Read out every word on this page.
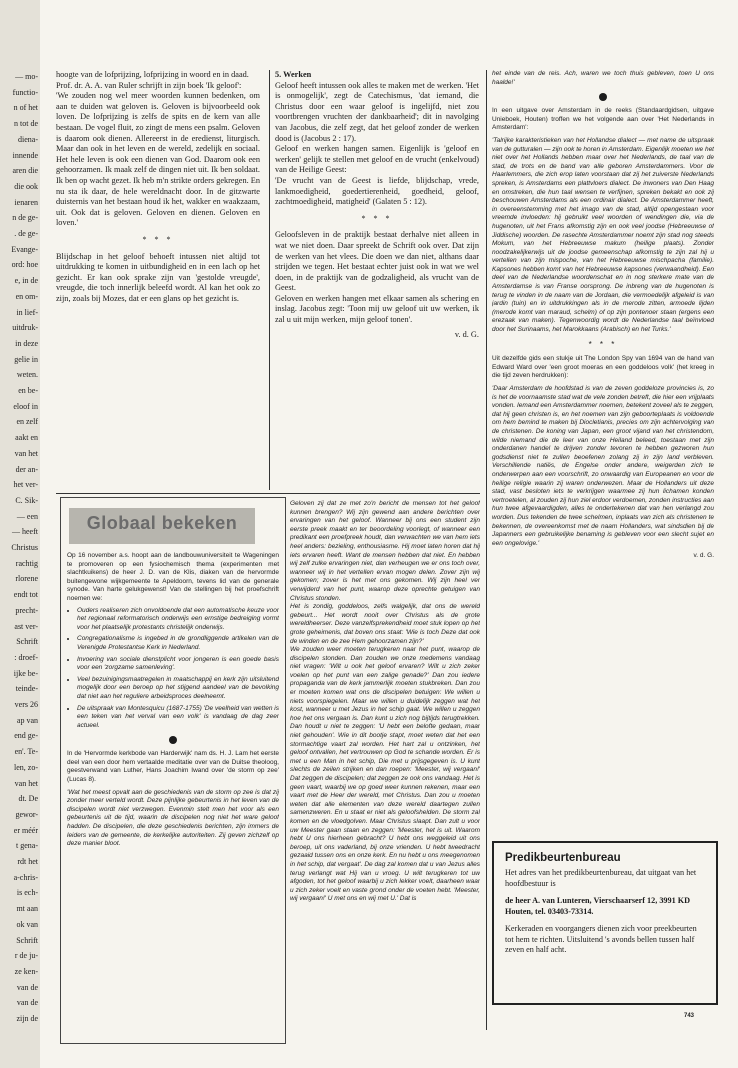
— mo-
functio-
n of het
n tot de
diena-
innende
aren die
die ook
ienaren
n de ge-
. de ge-
Evange-
ord: hoe
e, in de
en om-
in lief-
uitdruk-
in deze
gelie in
weten.
en be-
eloof in
en zelf
aakt en
van het
der an-
het ver-
C. Sik-
— een
— heeft
Christus
rachtig
rlorene
endt tot
precht-
ast ver-
Schrift
: droef-
ijke be-
teinde-
vers 26
ap van
end ge-
en'. Te-
len, zo-
van het
dt. De
gewor-
er méér
t gena-
rdt het
a-chris-
is ech-
mt aan
ok van
Schrift
r de ju-
ze ken-
van de
van de
zijn de

hoogte van de lofprijzing, lofprijzing in woord en in daad.

Prof. dr. A. A. van Ruler schrijft in zijn boek 'Ik geloof':

'We zouden nog wel meer woorden kunnen bedenken, om aan te duiden wat geloven is. Geloven is bijvoorbeeld ook loven. De lofprijzing is zelfs de spits en de kern van alle bestaan. De vogel fluit, zo zingt de mens een psalm. Geloven is daarom ook dienen. Allereerst in de eredienst, liturgisch. Maar dan ook in het leven en de wereld, zedelijk en sociaal. Het hele leven is ook een dienen van God. Daarom ook een gehoorzamen. Ik maak zelf de dingen niet uit. Ik ben soldaat. Ik ben op wacht gezet. Ik heb m'n strikte orders gekregen. En nu sta ik daar, de hele wereldnacht door. In de gitzwarte duisternis van het bestaan houd ik het, wakker en waakzaam, uit. Ook dat is geloven. Geloven en dienen. Geloven en loven.'

* * *

Blijdschap in het geloof behoeft intussen niet altijd tot uitdrukking te komen in uitbundigheid en in een lach op het gezicht. Er kan ook sprake zijn van 'gestolde vreugde', vreugde, die toch innerlijk beleefd wordt. Al kan het ook zo zijn, zoals bij Mozes, dat er een glans op het gezicht is.

5. Werken

Geloof heeft intussen ook alles te maken met de werken. 'Het is onmogelijk', zegt de Catechismus, 'dat iemand, die Christus door een waar geloof is ingelijfd, niet zou voortbrengen vruchten der dankbaarheid'; dit in navolging van Jacobus, die zelf zegt, dat het geloof zonder de werken dood is (Jacobus 2 : 17).

Geloof en werken hangen samen. Eigenlijk is 'geloof en werken' gelijk te stellen met geloof en de vrucht (enkelvoud) van de Heilige Geest:

'De vrucht van de Geest is liefde, blijdschap, vrede, lankmoedigheid, goedertierenheid, goedheid, geloof, zachtmoedigheid, matigheid' (Galaten 5 : 12).

* * *

Geloofsleven in de praktijk bestaat derhalve niet alleen in wat we niet doen. Daar spreekt de Schrift ook over. Dat zijn de werken van het vlees. Die doen we dan niet, althans daar strijden we tegen. Het bestaat echter juist ook in wat we wel doen, in de praktijk van de godzaligheid, als vrucht van de Geest.

Geloven en werken hangen met elkaar samen als schering en inslag. Jacobus zegt: 'Toon mij uw geloof uit uw werken, ik zal u uit mijn werken, mijn geloof tonen'.

v. d. G.

het einde van de reis. Ach, waren we toch thuis gebleven, toen U ons haalde!'

In een uitgave over Amsterdam in de reeks (Standaardgidsen, uitgave Unieboek, Houten) troffen we het volgende aan over 'Het Nederlands in Amsterdam':

'Talrijke karakteristieken van het Hollandse dialect — met name de uitspraak van de gutturalen — zijn ook te horen in Amsterdam. Eigenlijk moeten we het niet over het Hollands hebben maar over het Nederlands, de taal van de stad, de trots en de band van alle geboren Amsterdammers. Voor de Haarlemmers, die zich erop laten voorstaan dat zij het zuiverste Nederlands spreken, is Amsterdams een plattvloers dialect. De inwoners van Den Haag en omstreken, die hun taal wensen te verfijnen, spreken bekakt en ook zij beschouwen Amsterdams als een ordinair dialect. De Amsterdammer heeft, in overeenstemming met het imago van de stad, altijd opengestaan voor vreemde invloeden: hij gebruikt veel woorden of wendingen die, via de hugenoten, uit het Frans afkomstig zijn en ook veel joodse (Hebreeuwse of Jiddische) woorden. De rasechte Amsterdammer noemt zijn stad nog steeds Mokum, van het Hebreeuwse makum (heilige plaats). Zonder noodzakelijkerwijs uit de joodse gemeenschap afkomstig te zijn zal hij u vertellen van zijn mispoche, van het Hebreeuwse mischpacha (familie). Kapsones hebben komt van het Hebreeuwse kapsones (verwaandheid). Een deel van de Nederlandse woordenschat en in nog sterkere mate van de Amsterdamse is van Franse oorsprong. De inbreng van de hugenoten is terug te vinden in de naam van de Jordaan, die vermoedelijk afgeleid is van jardin (tuin) en in uitdrukkingen als in de merode zitten, armoede lijden (merode komt van maraud, schelm) of op zijn pontenoer staan (ergens een erezaak van maken). Tegenwoordig wordt de Nederlandse taal beïnvloed door het Surinaams, het Marokkaans (Arabisch) en het Turks.'

* * *

Uit dezelfde gids een stukje uit The London Spy van 1694 van de hand van Edward Ward over 'een groot moeras en een goddeloos volk' (het kreeg in die tijd zeven herdrukken):

'Daar Amsterdam de hoofdstad is van de zeven goddeloze provincies is, zo is het de voornaamste stad wat de vele zonden betreft, die hier een vrijplaats vonden. Iemand een Amsterdammer noemen, betekent zoveel als te zeggen, dat hij geen christen is, en het noemen van zijn geboorteplaats is voldoende om hem bemind te maken bij Diocletianis, precies om zijn achtervolging van de christenen. De koning van Japan, een groot vijand van het christendom, wilde niemand die de leer van onze Heiland beleed, toestaan met zijn onderdanen handel te drijven zonder tevoren te hebben gezworen hun godsdienst niet te zullen beoefenen zolang zij in zijn land verbleven. Verschillende natiës, de Engelse onder andere, weigerden zich te onderwerpen aan een voorschrift, zo onwaardig van Europeanen en voor de heilige religie waarin zij waren onderwezen. Maar de Hollanders uit deze stad, vast besloten iets te verkrijgen waarmee zij hun lichamen konden vertroetelen, al zouden zij hun ziel erdoor verdoemen, zonden instructies aan hun twee afgevaardigden, alles te ondertekenen dat van hen verlangd zou worden. Dus tekenden de twee schelmen, inplaats van zich als christenen te bekennen, de overeenkomst met de naam Hollanders, wat sindsdien bij de Japanners een gebruikelijke benaming is gebleven voor een slecht sujet en een ongelovige.'

v. d. G.

Globaal bekeken

Op 16 november a.s. hoopt aan de landbouwuniversiteit te Wageningen te promoveren op een fysiochemisch thema (experimenten met slachtkuikens) de heer J. D. van de Klis, diaken van de hervormde buitengewone wijkgemeente te Apeldoorn, tevens lid van de generale synode. Van harte gelukgewenst! Van de stellingen bij het proefschrift noemen we:

• Ouders realiseren zich onvoldoende dat een automatische keuze voor het regionaal reformatorisch onderwijs een ernstige bedreiging vormt voor het plaatselijk protestants christelijk onderwijs.
• Congregationalisme is ingebed in de grondliggende artikelen van de Verenigde Protestantse Kerk in Nederland.
• Invoering van sociale dienstplicht voor jongeren is een goede basis voor een 'zorgzame samenleving'.
• Veel bezuinigingsmaatregelen in maatschappij en kerk zijn uitsluitend mogelijk door een beroep op het stijgend aandeel van de bevolking dat niet aan het reguliere arbeidsproces deelneemt.
• De uitspraak van Montesquicu (1687-1755) 'De veelheid van wetten is een teken van het verval van een volk' is vandaag de dag zeer actueel.

In de 'Hervormde kerkbode van Harderwijk' nam ds. H. J. Lam het eerste deel van een door hem vertaalde meditatie over van de Duitse theoloog, geestverwand van Luther, Hans Joachim Iwand over 'de storm op zee' (Lucas 8).

'Wat het meest opvalt aan de geschiedenis van de storm op zee is dat zij zonder meer verteld wordt. Deze pijnlijke gebeurtenis in het leven van de discipelen wordt niet verzwegen. Evenmin stelt men het voor als een gebeurtenis uit de tijd, waarin de discipelen nog niet het ware geloof hadden. De discipelen, die deze geschiedenis berichten, zijn immers de leiders van de gemeente, de kerkelijke autoriteiten. Zij geven zichzelf op deze manier bloot.

Geloven zij dat ze met zo'n bericht de mensen tot het geloof kunnen brengen? Wij zijn gewend aan andere berichten over ervaringen van het geloof. Wanneer bij ons een student zijn eerste preek maakt en ter beoordeling voorlegt, of wanneer een predikant een proefpreek houdt, dan verwachten we van hem iets heel anders: bezieling, enthousiasme. Hij moet laten horen dat hij iets ervaren heeft. Want de mensen hebben dat niet. En hebben wij zelf zulke ervaringen niet, dan verheugen we er ons toch over, wanneer wij in het vertellen ervan mogen delen. Zover zijn wij gekomen; zover is het met ons gekomen. Wij zijn heel ver verwijderd van het punt, waarop deze oprechte getuigen van Christus stonden.

Het is zondig, goddeloos, zelfs walgelijk, dat ons de wereld gebeurt... Het wordt nooit over Christus als de grote wereldheerser. Deze vanzelfsprekendheid moet stuk lopen op het grote geheimenis, dat boven ons staat: 'Wie is toch Deze dat ook de winden en de zee Hem gehoorzamen zijn?'

We zouden weer moeten terugkeren naar het punt, waarop de discipelen stonden. Dan zouden we onze medemens vandaag niet vragen: 'Wilt u ook het geloof ervaren? Wilt u zich zeker voelen op het punt van een zalige genade?' Dan zou iedere propaganda van de kerk jammerlijk moeten stukbreken. Dan zou er moeten komen wat ons de discipelen betuigen: We willen u niets voorspiegelen. Maar we willen u duidelijk zeggen wat het kost, wanneer u met Jezus in het schip gaat. We willen u zeggen hoe het ons vergaan is. Dan kunt u zich nog bijtijds terugtrekken. Dan houdt u niet te zeggen: 'U hebt een belofte gedaan, maar niet gehouden'. Wie in dit bootje stapt, moet weten dat het een stormachtige vaart zal worden. Het hart zal u ontzinken, het geloof ontvallen, het vertrouwen op God te schande worden. Er is met u een Man in het schip, Die met u prijsgegeven is. U kunt slechts de zeilen strijken en dan roepen: 'Meester, wij vergaan!' Dat zeggen de discipelen; dat zeggen ze ook ons vandaag. Het is geen vaart, waarbij we op goed weer kunnen rekenen, maar een vaart met de Heer der wereld, met Christus. Dan zou u moeten weten dat alle elementen van deze wereld daartegen zullen samenzweren. En u staat er niet als geloofshelden. De storm zal komen en de vloedgolven. Maar Christus slaapt. Dan zult u voor uw Meester gaan staan en zeggen: 'Meester, het is uit. Waarom hebt U ons hierheen gebracht? U hebt ons weggeleid uit ons beroep, uit ons vaderland, bij onze vrienden. U hebt tweedracht gezaaid tussen ons en onze kerk. En nu hebt u ons meegenomen in het schip, dat vergaat'. De dag zal komen dat u van Jezus alles terug verlangt wat Hij van u vroeg. U wilt terugkeren tot uw afgoden, tot het geloof waarbij u zich lekker voelt, daarheen waar u zich zeker voelt en vaste grond onder de voeten hebt. 'Meester, wij vergaan!' U met ons en wij met U.' Dat is

Predikbeurtenbureau

Het adres van het predikbeurtenbureau, dat uitgaat van het hoofdbestuur is

de heer A. van Lunteren, Vierschaarserf 12, 3991 KD Houten, tel. 03403-73314.

Kerkeraden en voorgangers dienen zich voor preekbeurten tot hem te richten. Uitsluitend 's avonds bellen tussen half zeven en half acht.

743
